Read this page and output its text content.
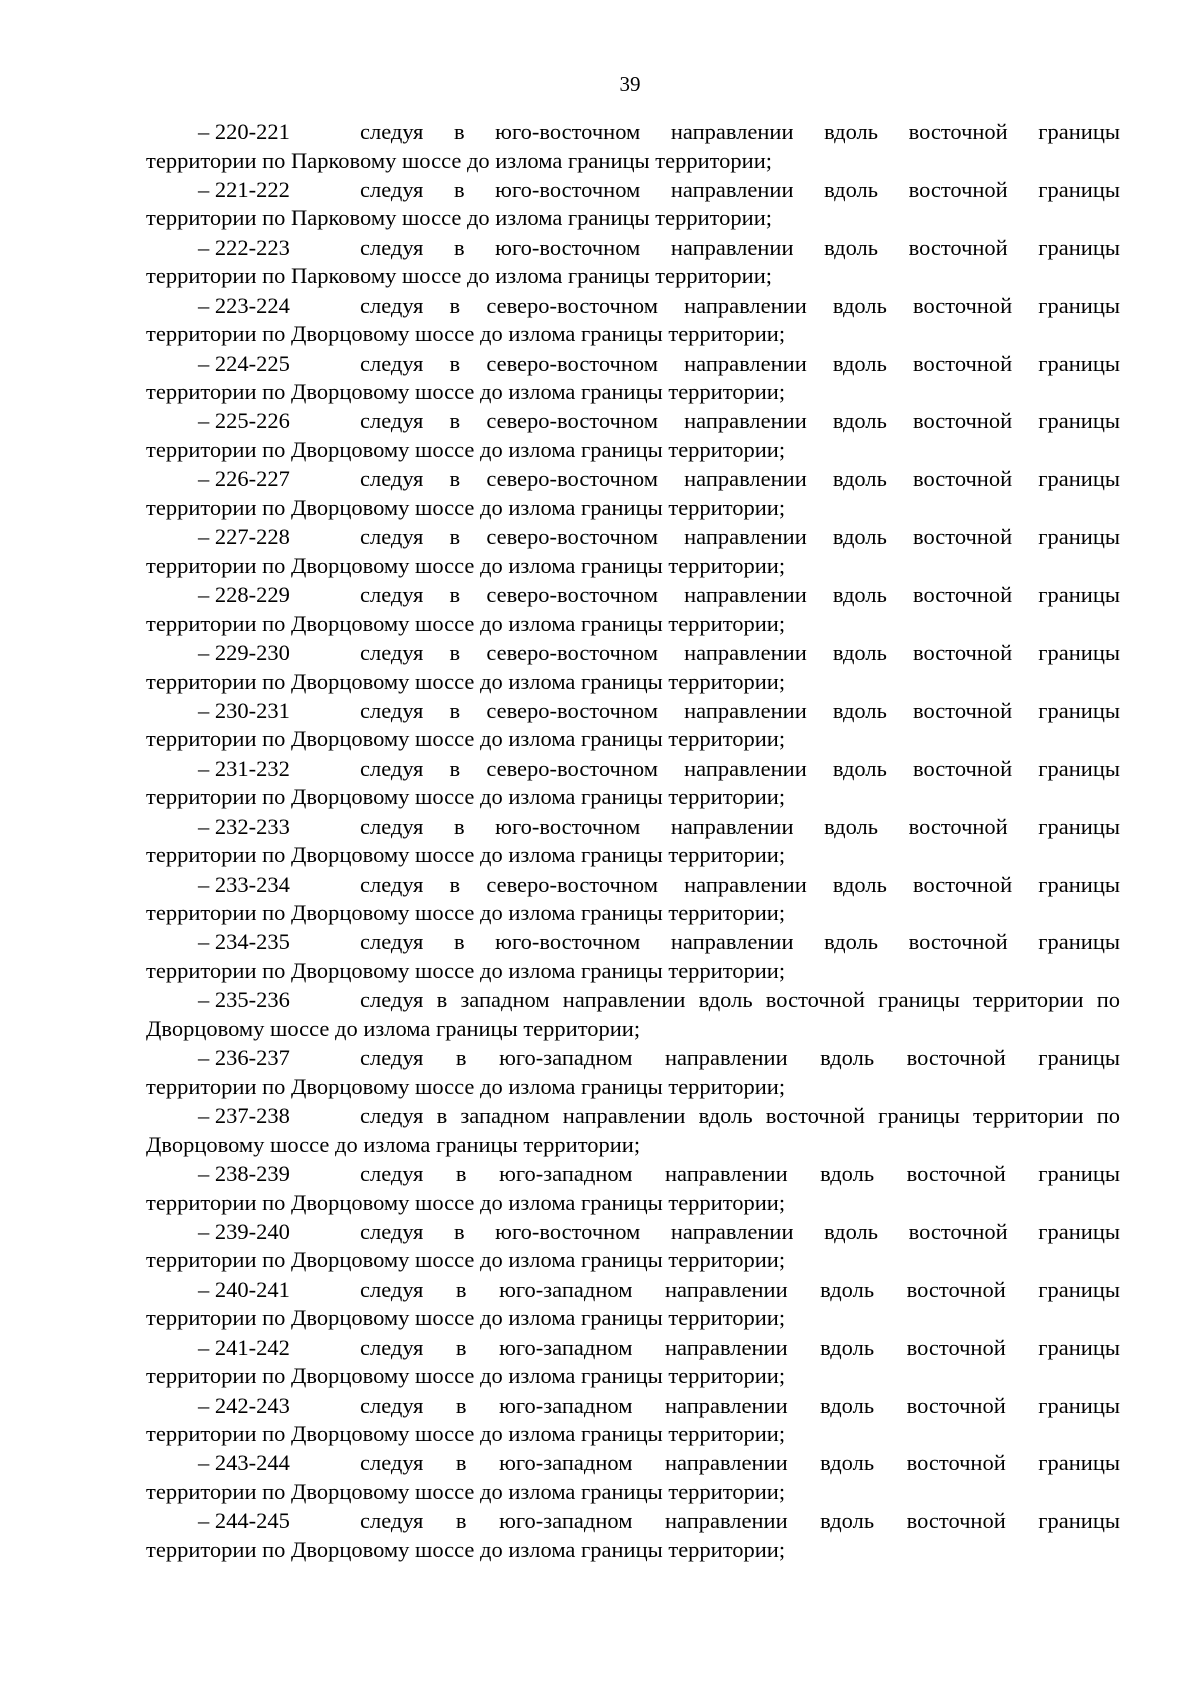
39
– 220-221	следуя в юго-восточном направлении вдоль восточной границы
территории по Парковому шоссе до излома границы территории;
– 221-222	следуя в юго-восточном направлении вдоль восточной границы
территории по Парковому шоссе до излома границы территории;
– 222-223	следуя в юго-восточном направлении вдоль восточной границы
территории по Парковому шоссе до излома границы территории;
– 223-224	следуя в северо-восточном направлении вдоль восточной границы
территории по Дворцовому шоссе до излома границы территории;
– 224-225	следуя в северо-восточном направлении вдоль восточной границы
территории по Дворцовому шоссе до излома границы территории;
– 225-226	следуя в северо-восточном направлении вдоль восточной границы
территории по Дворцовому шоссе до излома границы территории;
– 226-227	следуя в северо-восточном направлении вдоль восточной границы
территории по Дворцовому шоссе до излома границы территории;
– 227-228	следуя в северо-восточном направлении вдоль восточной границы
территории по Дворцовому шоссе до излома границы территории;
– 228-229	следуя в северо-восточном направлении вдоль восточной границы
территории по Дворцовому шоссе до излома границы территории;
– 229-230	следуя в северо-восточном направлении вдоль восточной границы
территории по Дворцовому шоссе до излома границы территории;
– 230-231	следуя в северо-восточном направлении вдоль восточной границы
территории по Дворцовому шоссе до излома границы территории;
– 231-232	следуя в северо-восточном направлении вдоль восточной границы
территории по Дворцовому шоссе до излома границы территории;
– 232-233	следуя в юго-восточном направлении вдоль восточной границы
территории по Дворцовому шоссе до излома границы территории;
– 233-234	следуя в северо-восточном направлении вдоль восточной границы
территории по Дворцовому шоссе до излома границы территории;
– 234-235	следуя в юго-восточном направлении вдоль восточной границы
территории по Дворцовому шоссе до излома границы территории;
– 235-236	следуя в западном направлении вдоль восточной границы территории по
Дворцовому шоссе до излома границы территории;
– 236-237	следуя в юго-западном направлении вдоль восточной границы
территории по Дворцовому шоссе до излома границы территории;
– 237-238	следуя в западном направлении вдоль восточной границы территории по
Дворцовому шоссе до излома границы территории;
– 238-239	следуя в юго-западном направлении вдоль восточной границы
территории по Дворцовому шоссе до излома границы территории;
– 239-240	следуя в юго-восточном направлении вдоль восточной границы
территории по Дворцовому шоссе до излома границы территории;
– 240-241	следуя в юго-западном направлении вдоль восточной границы
территории по Дворцовому шоссе до излома границы территории;
– 241-242	следуя в юго-западном направлении вдоль восточной границы
территории по Дворцовому шоссе до излома границы территории;
– 242-243	следуя в юго-западном направлении вдоль восточной границы
территории по Дворцовому шоссе до излома границы территории;
– 243-244	следуя в юго-западном направлении вдоль восточной границы
территории по Дворцовому шоссе до излома границы территории;
– 244-245	следуя в юго-западном направлении вдоль восточной границы
территории по Дворцовому шоссе до излома границы территории;
